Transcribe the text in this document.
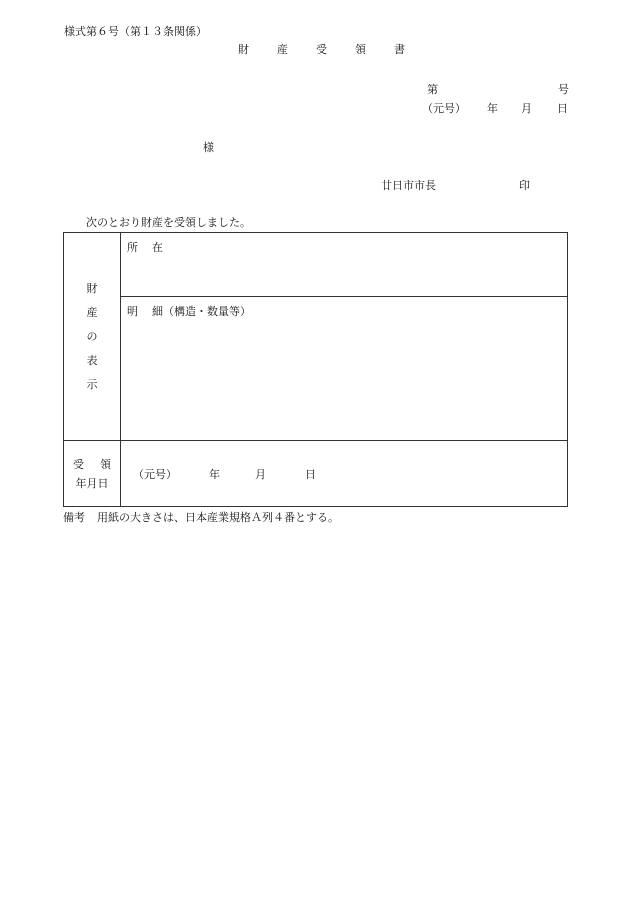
様式第６号（第１３条関係）
財	産	受	領	書
第	号
（元号） 年 月 日
様
廿日市市長	印
次のとおり財産を受領しました。
財
産
の
表
示	所 在

	明 細（構造・数量等）

受 領
年月日	（元号） 年 月 日
備考 用紙の大きさは、日本産業規格Ａ列４番とする。
